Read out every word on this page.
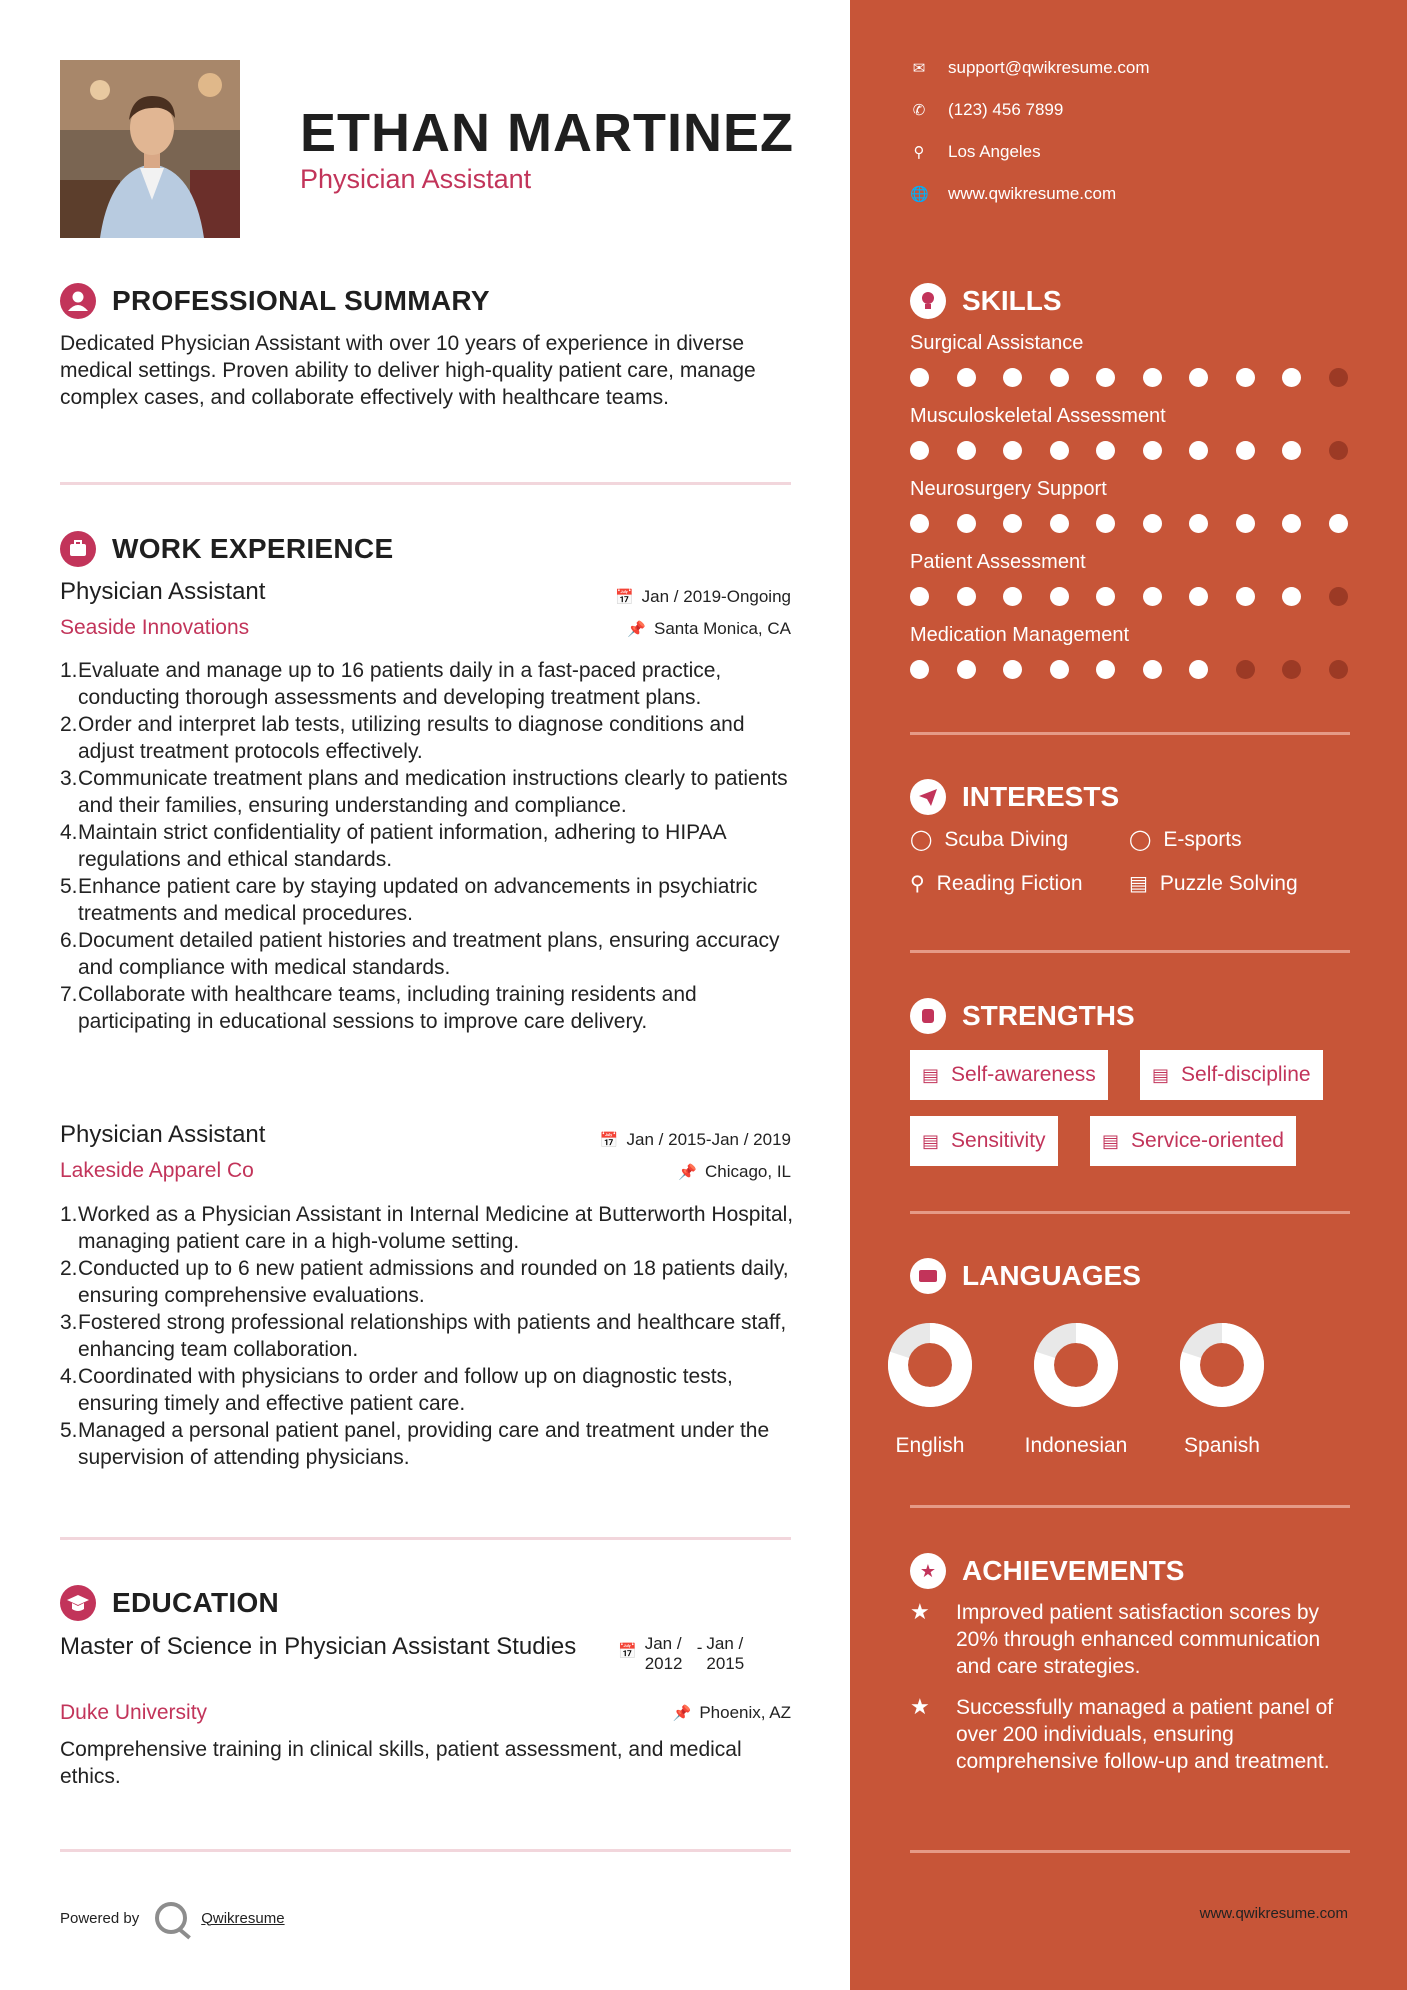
ETHAN MARTINEZ
Physician Assistant
PROFESSIONAL SUMMARY

Dedicated Physician Assistant with over 10 years of experience in diverse medical settings. Proven ability to deliver high-quality patient care, manage complex cases, and collaborate effectively with healthcare teams.

WORK EXPERIENCE
Physician Assistant	📅 Jan / 2019-Ongoing
Seaside Innovations	📌 Santa Monica, CA
1.Evaluate and manage up to 16 patients daily in a fast-paced practice, conducting thorough assessments and developing treatment plans.
2.Order and interpret lab tests, utilizing results to diagnose conditions and adjust treatment protocols effectively.
3.Communicate treatment plans and medication instructions clearly to patients and their families, ensuring understanding and compliance.
4.Maintain strict confidentiality of patient information, adhering to HIPAA regulations and ethical standards.
5.Enhance patient care by staying updated on advancements in psychiatric treatments and medical procedures.
6.Document detailed patient histories and treatment plans, ensuring accuracy and compliance with medical standards.
7.Collaborate with healthcare teams, including training residents and participating in educational sessions to improve care delivery.
Physician Assistant	📅 Jan / 2015-Jan / 2019
Lakeside Apparel Co	📌 Chicago, IL
1.Worked as a Physician Assistant in Internal Medicine at Butterworth Hospital, managing patient care in a high-volume setting.
2.Conducted up to 6 new patient admissions and rounded on 18 patients daily, ensuring comprehensive evaluations.
3.Fostered strong professional relationships with patients and healthcare staff, enhancing team collaboration.
4.Coordinated with physicians to order and follow up on diagnostic tests, ensuring timely and effective patient care.
5.Managed a personal patient panel, providing care and treatment under the supervision of attending physicians.
EDUCATION
Master of Science in Physician Assistant Studies	📅 Jan / 2012
- Jan / 2015
Duke University	📌 Phoenix, AZ

Comprehensive training in clinical skills, patient assessment, and medical ethics.

Powered by	Qwikresume
✉ support@qwikresume.com
✆ (123) 456 7899
⚲ Los Angeles
🌐 www.qwikresume.com
SKILLS
Surgical Assistance
Musculoskeletal Assessment
Neurosurgery Support
Patient Assessment
Medication Management
INTERESTS
◯ Scuba Diving	◯ E-sports
⚲ Reading Fiction ▤ Puzzle Solving
STRENGTHS
▤ Self-awareness	▤ Self-discipline
▤ Sensitivity	▤ Service-oriented
LANGUAGES
English	Indonesian	Spanish
★ ACHIEVEMENTS
★	Improved patient satisfaction scores by 20% through enhanced communication and care strategies.
★	Successfully managed a patient panel of over 200 individuals, ensuring comprehensive follow-up and treatment.
www.qwikresume.com
